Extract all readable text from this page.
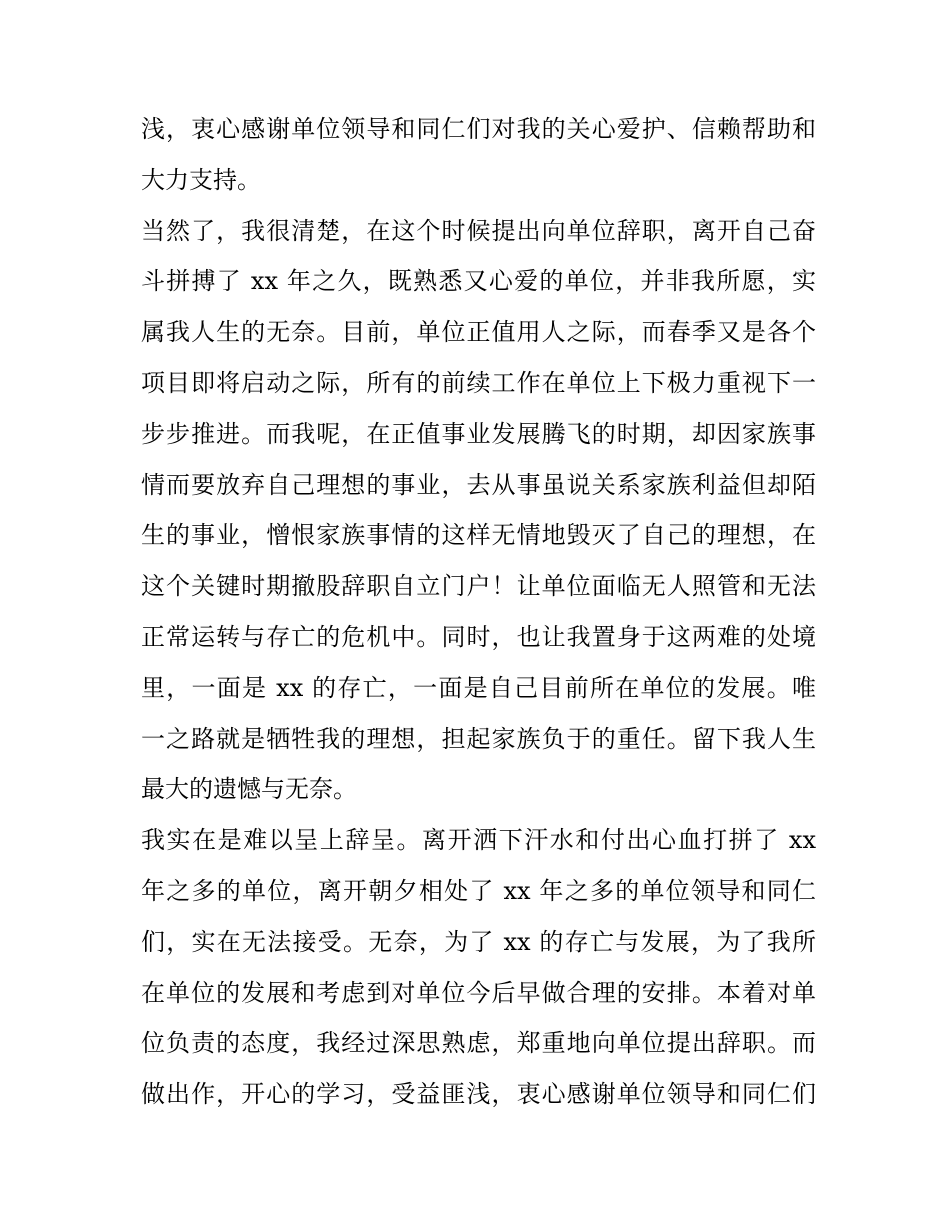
浅，衷心感谢单位领导和同仁们对我的关心爱护、信赖帮助和
大力支持。
当然了，我很清楚，在这个时候提出向单位辞职，离开自己奋
斗拼搏了 xx 年之久，既熟悉又心爱的单位，并非我所愿，实
属我人生的无奈。目前，单位正值用人之际，而春季又是各个
项目即将启动之际，所有的前续工作在单位上下极力重视下一
步步推进。而我呢，在正值事业发展腾飞的时期，却因家族事
情而要放弃自己理想的事业，去从事虽说关系家族利益但却陌
生的事业，憎恨家族事情的这样无情地毁灭了自己的理想，在
这个关键时期撤股辞职自立门户！让单位面临无人照管和无法
正常运转与存亡的危机中。同时，也让我置身于这两难的处境
里，一面是 xx 的存亡，一面是自己目前所在单位的发展。唯
一之路就是牺牲我的理想，担起家族负于的重任。留下我人生
最大的遗憾与无奈。
我实在是难以呈上辞呈。离开洒下汗水和付出心血打拼了 xx
年之多的单位，离开朝夕相处了 xx 年之多的单位领导和同仁
们，实在无法接受。无奈，为了 xx 的存亡与发展，为了我所
在单位的发展和考虑到对单位今后早做合理的安排。本着对单
位负责的态度，我经过深思熟虑，郑重地向单位提出辞职。而
做出作，开心的学习，受益匪浅，衷心感谢单位领导和同仁们
